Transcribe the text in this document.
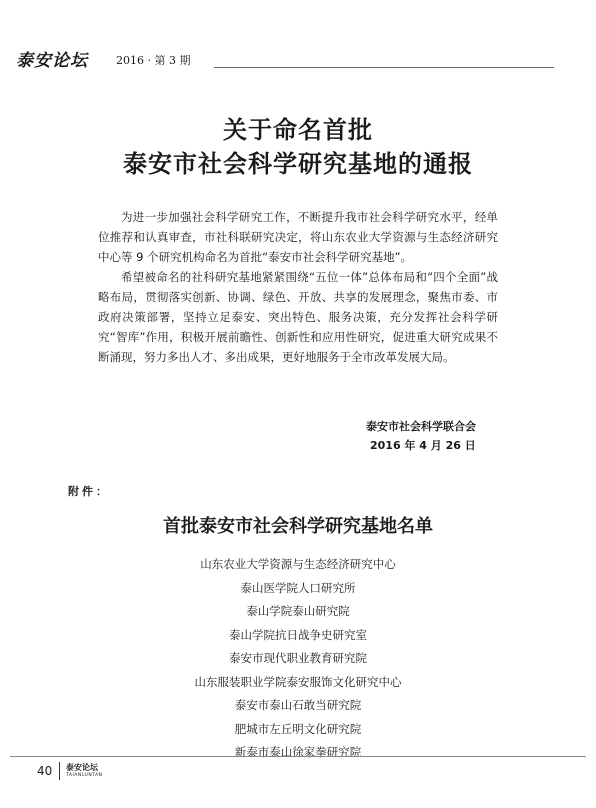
泰安论坛	2016 · 第 3 期
关于命名首批
泰安市社会科学研究基地的通报

为进一步加强社会科学研究工作，不断提升我市社会科学研究水平，经单位推荐和认真审查，市社科联研究决定，将山东农业大学资源与生态经济研究中心等 9 个研究机构命名为首批“泰安市社会科学研究基地”。

希望被命名的社科研究基地紧紧围绕“五位一体”总体布局和“四个全面”战略布局，贯彻落实创新、协调、绿色、开放、共享的发展理念，聚焦市委、市政府决策部署，坚持立足泰安、突出特色、服务决策，充分发挥社会科学研究“智库”作用，积极开展前瞻性、创新性和应用性研究，促进重大研究成果不断涌现，努力多出人才、多出成果，更好地服务于全市改革发展大局。

泰安市社会科学联合会
2016 年 4 月 26 日
附件：
首批泰安市社会科学研究基地名单
山东农业大学资源与生态经济研究中心
泰山医学院人口研究所
泰山学院泰山研究院
泰山学院抗日战争史研究室
泰安市现代职业教育研究院
山东服装职业学院泰安服饰文化研究中心
泰安市泰山石敢当研究院
肥城市左丘明文化研究院
新泰市泰山徐家拳研究院
40 泰安论坛
TAIANLUNTAN
